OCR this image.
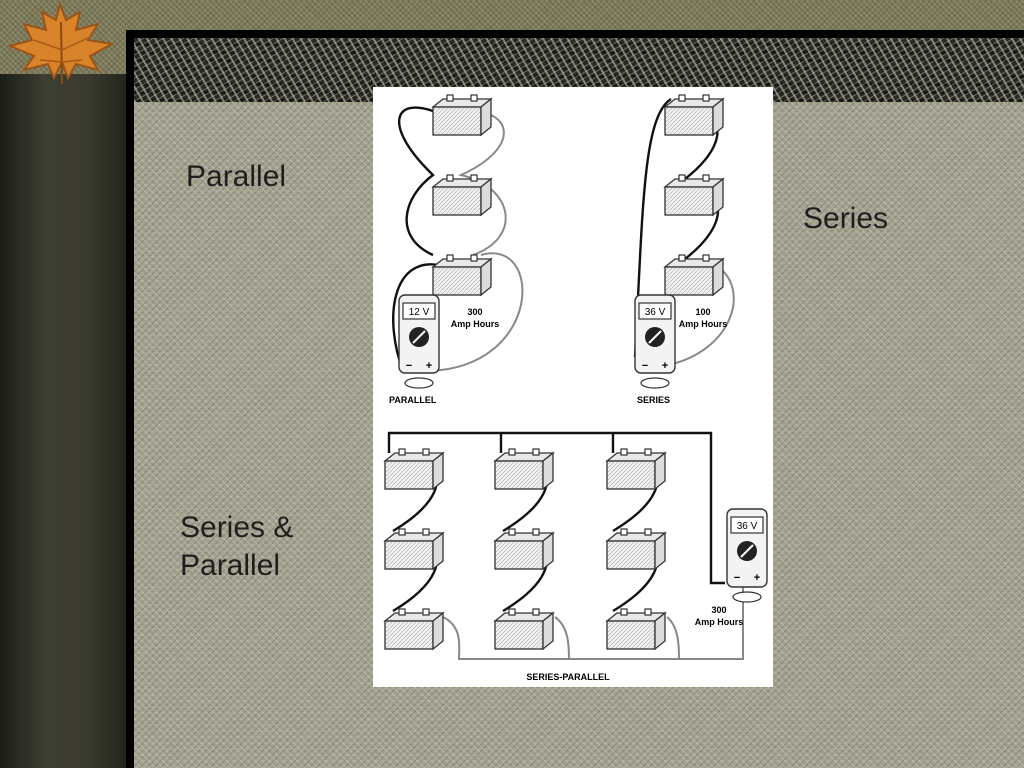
Parallel
Series
Series &
Parallel
12 V
− +
300
Amp Hours
PARALLEL
36 V
− +
100
Amp Hours
SERIES
36 V
− +
300
Amp Hours
SERIES-PARALLEL
